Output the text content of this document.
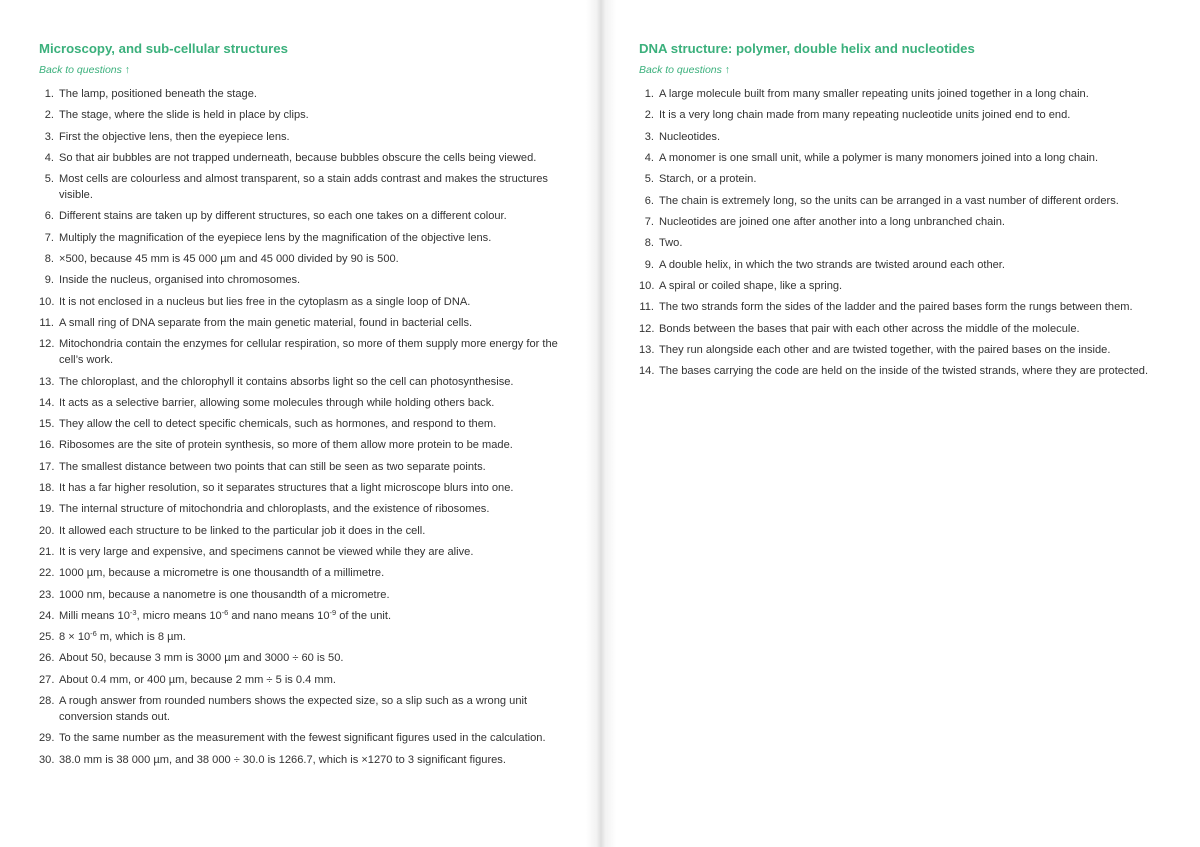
Microscopy, and sub-cellular structures
Back to questions ↑
1. The lamp, positioned beneath the stage.
2. The stage, where the slide is held in place by clips.
3. First the objective lens, then the eyepiece lens.
4. So that air bubbles are not trapped underneath, because bubbles obscure the cells being viewed.
5. Most cells are colourless and almost transparent, so a stain adds contrast and makes the structures visible.
6. Different stains are taken up by different structures, so each one takes on a different colour.
7. Multiply the magnification of the eyepiece lens by the magnification of the objective lens.
8. ×500, because 45 mm is 45 000 µm and 45 000 divided by 90 is 500.
9. Inside the nucleus, organised into chromosomes.
10. It is not enclosed in a nucleus but lies free in the cytoplasm as a single loop of DNA.
11. A small ring of DNA separate from the main genetic material, found in bacterial cells.
12. Mitochondria contain the enzymes for cellular respiration, so more of them supply more energy for the cell’s work.
13. The chloroplast, and the chlorophyll it contains absorbs light so the cell can photosynthesise.
14. It acts as a selective barrier, allowing some molecules through while holding others back.
15. They allow the cell to detect specific chemicals, such as hormones, and respond to them.
16. Ribosomes are the site of protein synthesis, so more of them allow more protein to be made.
17. The smallest distance between two points that can still be seen as two separate points.
18. It has a far higher resolution, so it separates structures that a light microscope blurs into one.
19. The internal structure of mitochondria and chloroplasts, and the existence of ribosomes.
20. It allowed each structure to be linked to the particular job it does in the cell.
21. It is very large and expensive, and specimens cannot be viewed while they are alive.
22. 1000 µm, because a micrometre is one thousandth of a millimetre.
23. 1000 nm, because a nanometre is one thousandth of a micrometre.
24. Milli means $10^{-3}$, micro means $10^{-6}$ and nano means $10^{-9}$ of the unit.
25. $8 \times 10^{-6}$ m, which is 8 µm.
26. About 50, because 3 mm is 3000 µm and 3000 ÷ 60 is 50.
27. About 0.4 mm, or 400 µm, because 2 mm ÷ 5 is 0.4 mm.
28. A rough answer from rounded numbers shows the expected size, so a slip such as a wrong unit conversion stands out.
29. To the same number as the measurement with the fewest significant figures used in the calculation.
30. 38.0 mm is 38 000 µm, and 38 000 ÷ 30.0 is 1266.7, which is ×1270 to 3 significant figures.
DNA structure: polymer, double helix and nucleotides
Back to questions ↑
1. A large molecule built from many smaller repeating units joined together in a long chain.
2. It is a very long chain made from many repeating nucleotide units joined end to end.
3. Nucleotides.
4. A monomer is one small unit, while a polymer is many monomers joined into a long chain.
5. Starch, or a protein.
6. The chain is extremely long, so the units can be arranged in a vast number of different orders.
7. Nucleotides are joined one after another into a long unbranched chain.
8. Two.
9. A double helix, in which the two strands are twisted around each other.
10. A spiral or coiled shape, like a spring.
11. The two strands form the sides of the ladder and the paired bases form the rungs between them.
12. Bonds between the bases that pair with each other across the middle of the molecule.
13. They run alongside each other and are twisted together, with the paired bases on the inside.
14. The bases carrying the code are held on the inside of the twisted strands, where they are protected.
